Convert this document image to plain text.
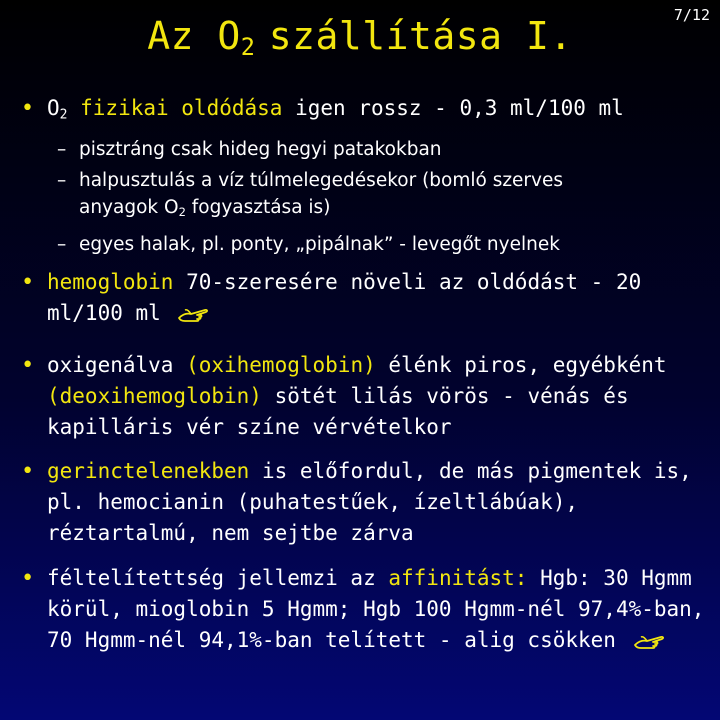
Az $O_2$ szállítása I.	7/12
• $O_2$ fizikai oldódása igen rossz - 0,3 ml/100 ml
– pisztráng csak hideg hegyi patakokban
– halpusztulás a víz túlmelegedésekor (bomló szerves
anyagok $O_2$ fogyasztása is)
– egyes halak, pl. ponty, „pipálnak” - levegőt nyelnek
• hemoglobin 70-szeresére növeli az oldódást - 20 ml/100 ml
• oxigenálva (oxihemoglobin) élénk piros, egyébként (deoxihemoglobin) sötét lilás vörös - vénás és kapilláris vér színe vérvételkor
• gerinctelenekben is előfordul, de más pigmentek is, pl. hemocianin (puhatestűek, ízeltlábúak), réztartalmú, nem sejtbe zárva
• féltelítettség jellemzi az affinitást: Hgb: 30 Hgmm körül, mioglobin 5 Hgmm; Hgb 100 Hgmm-nél 97,4%-ban, 70 Hgmm-nél 94,1%-ban telített - alig csökken
